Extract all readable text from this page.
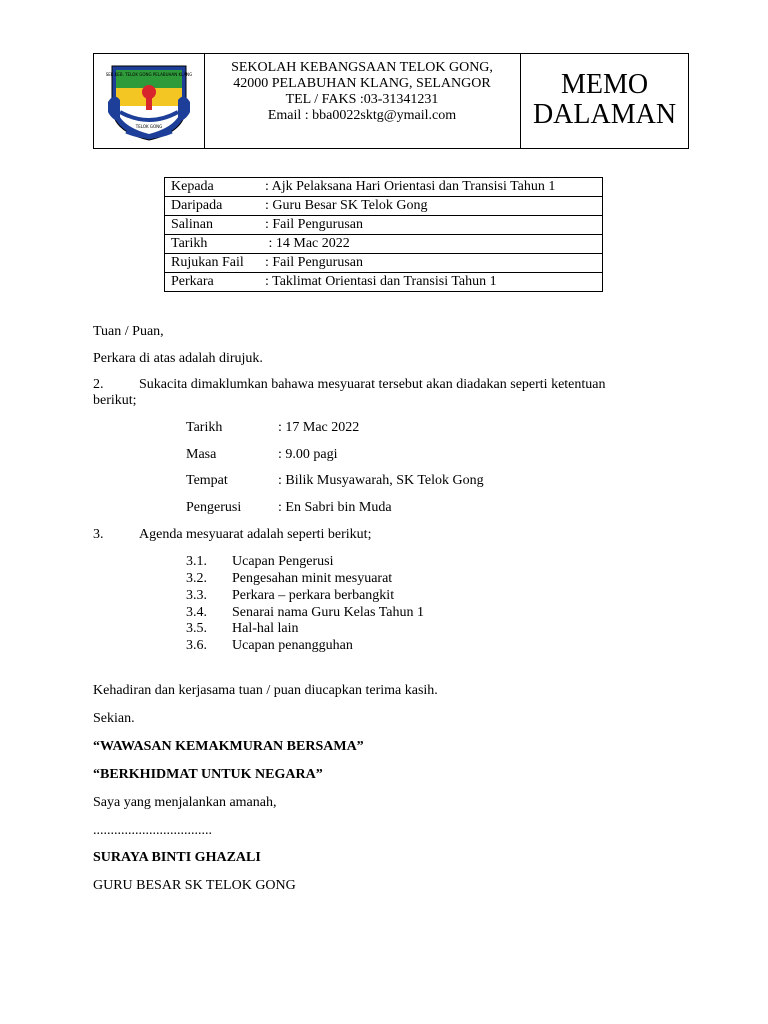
SEK.KEB. TELOK GONG PELABUHAN KLANG
TELOK GONG
SEKOLAH KEBANGSAAN TELOK GONG,
42000 PELABUHAN KLANG, SELANGOR
TEL / FAKS :03-31341231
Email : bba0022sktg@ymail.com
MEMO
DALAMAN
Kepada	: Ajk Pelaksana Hari Orientasi dan Transisi Tahun 1
Daripada	: Guru Besar SK Telok Gong
Salinan	: Fail Pengurusan
Tarikh	: 14 Mac 2022
Rujukan Fail : Fail Pengurusan
Perkara	: Taklimat Orientasi dan Transisi Tahun 1
Tuan / Puan,
Perkara di atas adalah dirujuk.
2.	Sukacita dimaklumkan bahawa mesyuarat tersebut akan diadakan seperti ketentuan
berikut;
Tarikh	: 17 Mac 2022
Masa	: 9.00 pagi
Tempat	: Bilik Musyawarah, SK Telok Gong
Pengerusi	: En Sabri bin Muda
3.	Agenda mesyuarat adalah seperti berikut;
3.1. Ucapan Pengerusi
3.2. Pengesahan minit mesyuarat
3.3. Perkara – perkara berbangkit
3.4. Senarai nama Guru Kelas Tahun 1
3.5. Hal-hal lain
3.6. Ucapan penangguhan
Kehadiran dan kerjasama tuan / puan diucapkan terima kasih.
Sekian.
“WAWASAN KEMAKMURAN BERSAMA”
“BERKHIDMAT UNTUK NEGARA”
Saya yang menjalankan amanah,
..................................
SURAYA BINTI GHAZALI
GURU BESAR SK TELOK GONG
